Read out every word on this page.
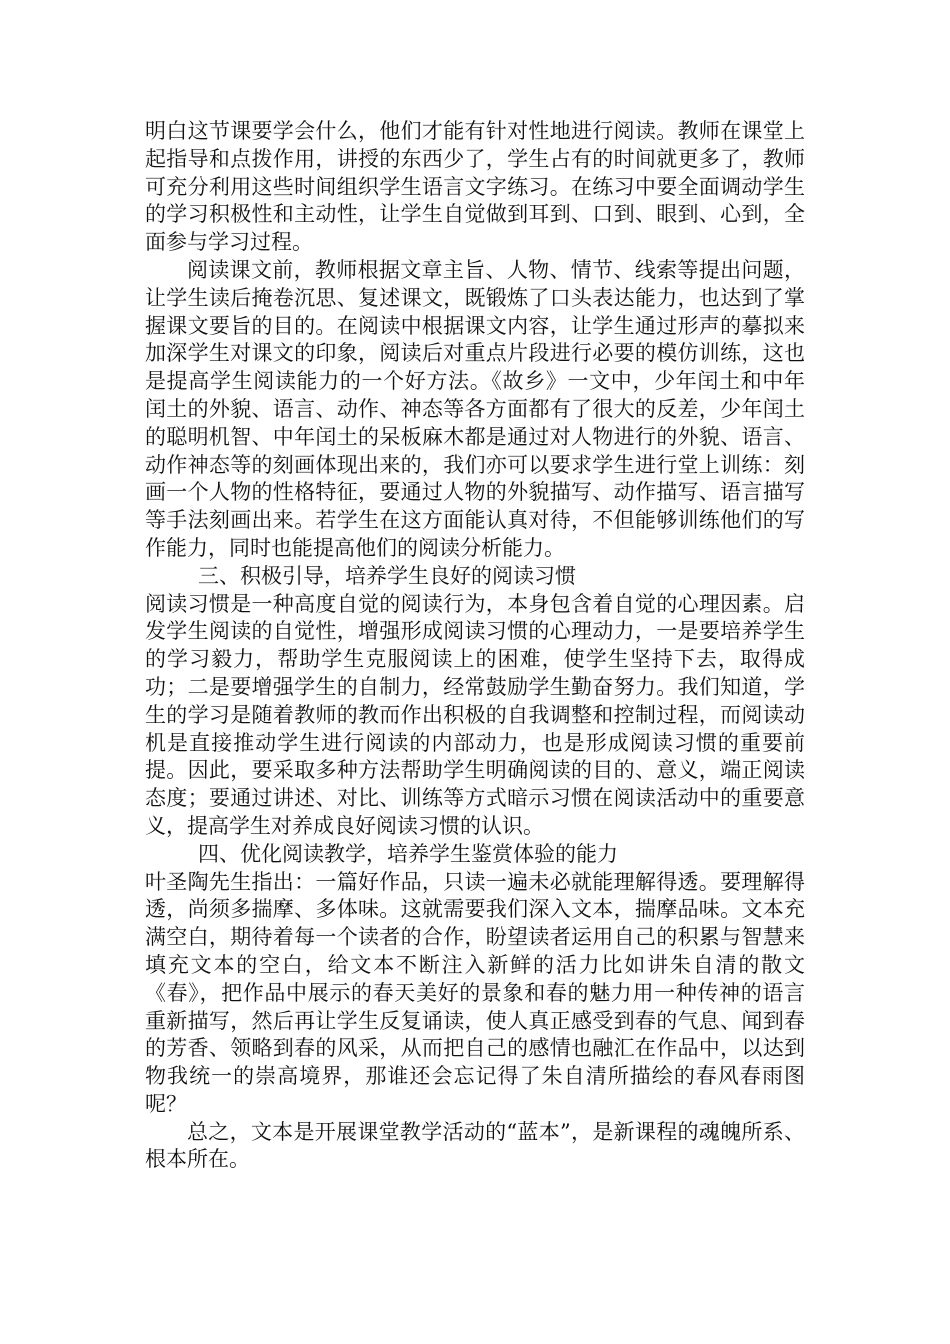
明白这节课要学会什么，他们才能有针对性地进行阅读。教师在课堂上起指导和点拨作用，讲授的东西少了，学生占有的时间就更多了，教师可充分利用这些时间组织学生语言文字练习。在练习中要全面调动学生的学习积极性和主动性，让学生自觉做到耳到、口到、眼到、心到，全面参与学习过程。

阅读课文前，教师根据文章主旨、人物、情节、线索等提出问题，让学生读后掩卷沉思、复述课文，既锻炼了口头表达能力，也达到了掌握课文要旨的目的。在阅读中根据课文内容，让学生通过形声的摹拟来加深学生对课文的印象，阅读后对重点片段进行必要的模仿训练，这也是提高学生阅读能力的一个好方法。《故乡》一文中，少年闰土和中年闰土的外貌、语言、动作、神态等各方面都有了很大的反差，少年闰土的聪明机智、中年闰土的呆板麻木都是通过对人物进行的外貌、语言、动作神态等的刻画体现出来的，我们亦可以要求学生进行堂上训练：刻画一个人物的性格特征，要通过人物的外貌描写、动作描写、语言描写等手法刻画出来。若学生在这方面能认真对待，不但能够训练他们的写作能力，同时也能提高他们的阅读分析能力。

三、积极引导，培养学生良好的阅读习惯

阅读习惯是一种高度自觉的阅读行为，本身包含着自觉的心理因素。启发学生阅读的自觉性，增强形成阅读习惯的心理动力，一是要培养学生的学习毅力，帮助学生克服阅读上的困难，使学生坚持下去，取得成功；二是要增强学生的自制力，经常鼓励学生勤奋努力。我们知道，学生的学习是随着教师的教而作出积极的自我调整和控制过程，而阅读动机是直接推动学生进行阅读的内部动力，也是形成阅读习惯的重要前提。因此，要采取多种方法帮助学生明确阅读的目的、意义，端正阅读态度；要通过讲述、对比、训练等方式暗示习惯在阅读活动中的重要意义，提高学生对养成良好阅读习惯的认识。

四、优化阅读教学，培养学生鉴赏体验的能力

叶圣陶先生指出：一篇好作品，只读一遍未必就能理解得透。要理解得透，尚须多揣摩、多体味。这就需要我们深入文本，揣摩品味。文本充满空白，期待着每一个读者的合作，盼望读者运用自己的积累与智慧来填充文本的空白，给文本不断注入新鲜的活力比如讲朱自清的散文《春》，把作品中展示的春天美好的景象和春的魅力用一种传神的语言重新描写，然后再让学生反复诵读，使人真正感受到春的气息、闻到春的芳香、领略到春的风采，从而把自己的感情也融汇在作品中，以达到物我统一的崇高境界，那谁还会忘记得了朱自清所描绘的春风春雨图呢？

总之，文本是开展课堂教学活动的“蓝本”，是新课程的魂魄所系、根本所在。
